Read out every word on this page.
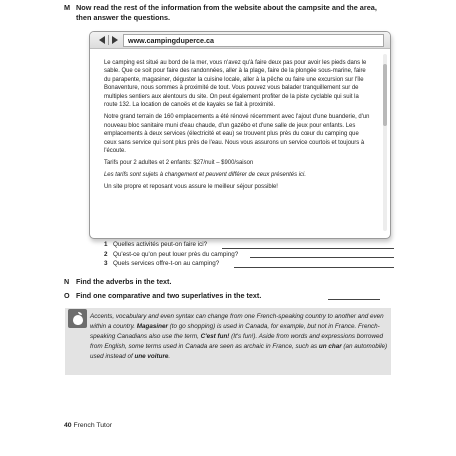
M Now read the rest of the information from the website about the campsite and the area, then answer the questions.
www.campingduperce.ca

Le camping est situé au bord de la mer, vous n'avez qu'à faire deux pas pour avoir les pieds dans le sable. Que ce soit pour faire des randonnées, aller à la plage, faire de la plongée sous-marine, faire du parapente, magasiner, déguster la cuisine locale, aller à la pêche ou faire une excursion sur l'île Bonaventure, nous sommes à proximité de tout. Vous pouvez vous balader tranquillement sur de multiples sentiers aux alentours du site. On peut également profiter de la piste cyclable qui suit la route 132. La location de canoës et de kayaks se fait à proximité.

Notre grand terrain de 160 emplacements a été rénové récemment avec l'ajout d'une buanderie, d'un nouveau bloc sanitaire muni d'eau chaude, d'un gazébo et d'une salle de jeux pour enfants. Les emplacements à deux services (électricité et eau) se trouvent plus près du cœur du camping que ceux sans service qui sont plus près de l'eau. Nous vous assurons un service courtois et toujours à l'écoute.

Tarifs pour 2 adultes et 2 enfants: $27/nuit – $900/saison

Les tarifs sont sujets à changement et peuvent différer de ceux présentés ici.

Un site propre et reposant vous assure le meilleur séjour possible!

1 Quelles activités peut-on faire ici?
2 Qu'est-ce qu'on peut louer près du camping?
3 Quels services offre-t-on au camping?
N Find the adverbs in the text.
O Find one comparative and two superlatives in the text.
Accents, vocabulary and even syntax can change from one French-speaking country to another and even within a country. Magasiner (to go shopping) is used in Canada, for example, but not in France. French-speaking Canadians also use the term, C'est fun! (It's fun!). Aside from words and expressions borrowed from English, some terms used in Canada are seen as archaic in France, such as un char (an automobile) used instead of une voiture.
40 French Tutor
